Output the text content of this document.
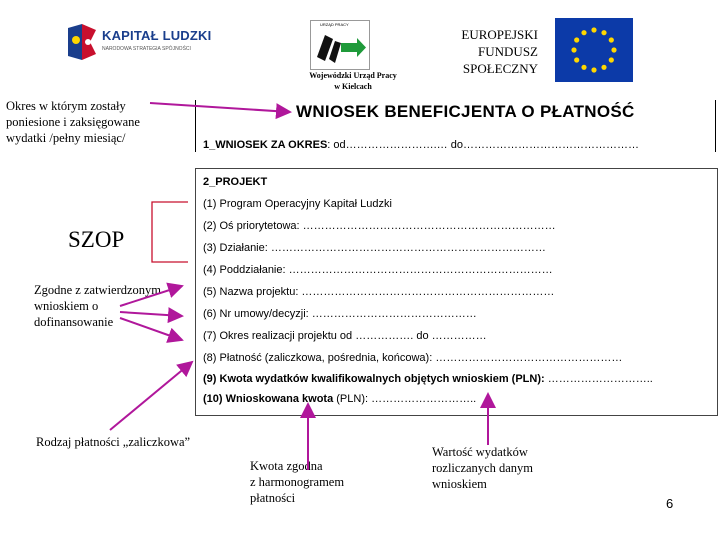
KAPITAŁ LUDZKI
NARODOWA STRATEGIA SPÓJNOŚCI
URZĄD PRACY
Wojewódzki Urząd Pracy
w Kielcach
EUROPEJSKI
FUNDUSZ
SPOŁECZNY
WNIOSEK BENEFICJENTA O PŁATNOŚĆ
1_WNIOSEK ZA OKRES: od…………………….… do…………………………………………
2_PROJEKT
(1) Program Operacyjny Kapitał Ludzki
(2) Oś priorytetowa: ……………………………………………………………
(3) Działanie: …………………………………………………………………
(4) Poddziałanie: ………………………………………………………………
(5) Nazwa projektu: ……………………………………………………………
(6) Nr umowy/decyzji: ………………………………………
(7) Okres realizacji projektu od ……………. do ……………
(8) Płatność (zaliczkowa, pośrednia, końcowa): ……………………………………………
(9) Kwota wydatków kwalifikowalnych objętych wnioskiem (PLN): ………………………..
(10) Wnioskowana kwota (PLN): ………………………..
Okres w którym zostały
poniesione i zaksięgowane
wydatki /pełny miesiąc/
SZOP
Zgodne z zatwierdzonym
wnioskiem o
dofinansowanie
Rodzaj płatności „zaliczkowa”
Kwota zgodna
z harmonogramem
płatności
Wartość wydatków
rozliczanych danym
wnioskiem
6
